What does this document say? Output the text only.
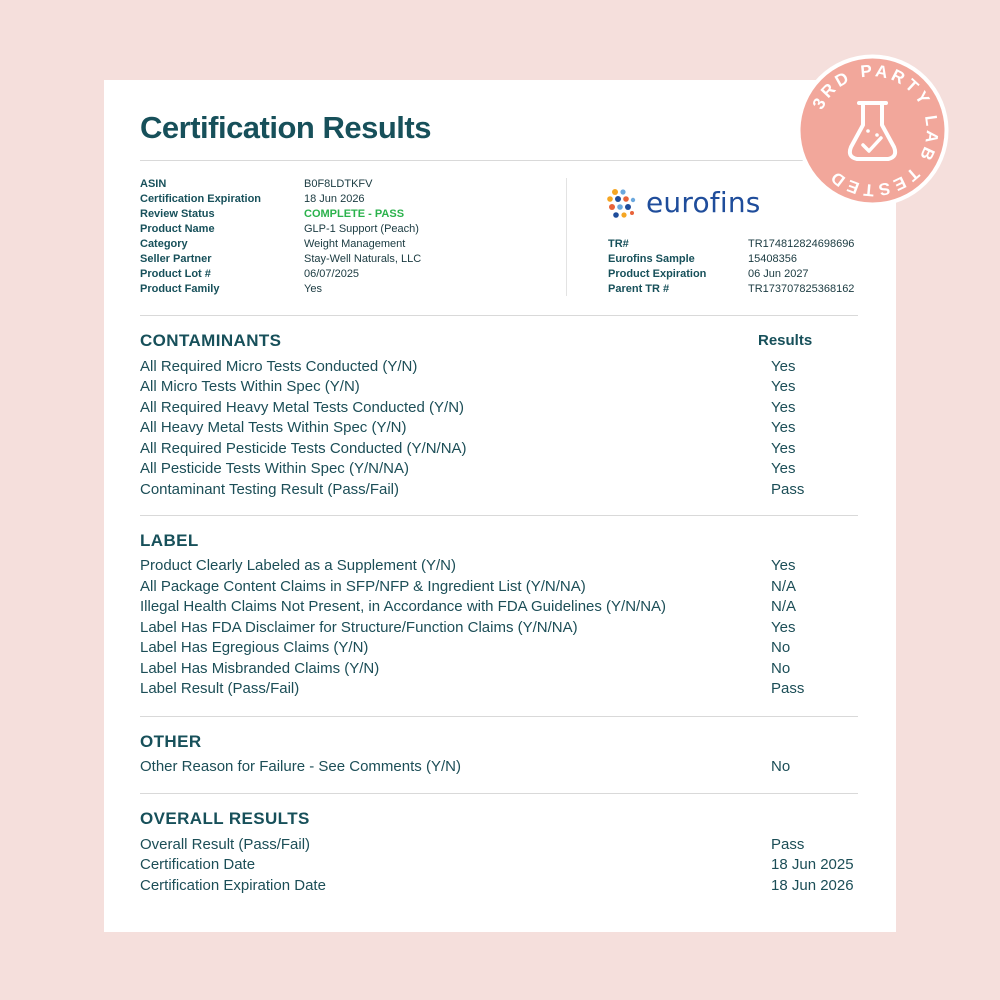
Certification Results
ASIN	B0F8LDTKFV
Certification Expiration	18 Jun 2026
Review Status	COMPLETE - PASS
Product Name	GLP-1 Support (Peach)
Category	Weight Management
Seller Partner	Stay-Well Naturals, LLC
Product Lot #	06/07/2025
Product Family	Yes
eurofins
TR#	TR174812824698696
Eurofins Sample	15408356
Product Expiration	06 Jun 2027
Parent TR #	TR173707825368162
CONTAMINANTS	Results
All Required Micro Tests Conducted (Y/N)	Yes
All Micro Tests Within Spec (Y/N)	Yes
All Required Heavy Metal Tests Conducted (Y/N)	Yes
All Heavy Metal Tests Within Spec (Y/N)	Yes
All Required Pesticide Tests Conducted (Y/N/NA)	Yes
All Pesticide Tests Within Spec (Y/N/NA)	Yes
Contaminant Testing Result (Pass/Fail)	Pass
LABEL
Product Clearly Labeled as a Supplement (Y/N)	Yes
All Package Content Claims in SFP/NFP & Ingredient List (Y/N/NA)	N/A
Illegal Health Claims Not Present, in Accordance with FDA Guidelines (Y/N/NA)	N/A
Label Has FDA Disclaimer for Structure/Function Claims (Y/N/NA)	Yes
Label Has Egregious Claims (Y/N)	No
Label Has Misbranded Claims (Y/N)	No
Label Result (Pass/Fail)	Pass
OTHER
Other Reason for Failure - See Comments (Y/N)	No
OVERALL RESULTS
Overall Result (Pass/Fail)	Pass
Certification Date	18 Jun 2025
Certification Expiration Date	18 Jun 2026
3RD PARTY LAB TESTED
